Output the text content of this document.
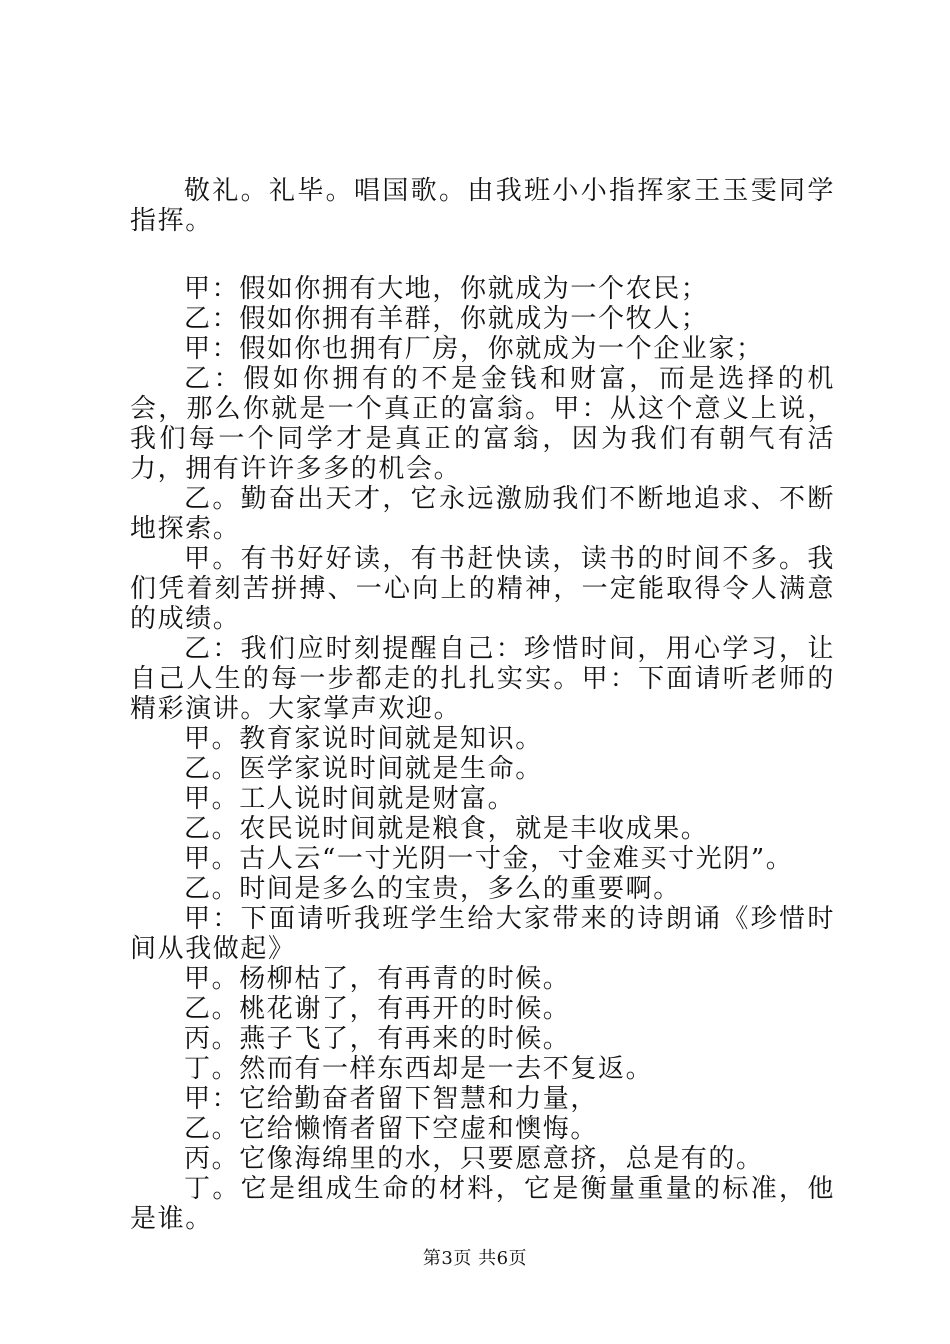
敬礼。礼毕。唱国歌。由我班小小指挥家王玉雯同学指挥。

甲：假如你拥有大地，你就成为一个农民；

乙：假如你拥有羊群，你就成为一个牧人；

甲：假如你也拥有厂房，你就成为一个企业家；

乙：假如你拥有的不是金钱和财富，而是选择的机会，那么你就是一个真正的富翁。甲：从这个意义上说，我们每一个同学才是真正的富翁，因为我们有朝气有活力，拥有许许多多的机会。

乙。勤奋出天才，它永远激励我们不断地追求、不断地探索。

甲。有书好好读，有书赶快读，读书的时间不多。我们凭着刻苦拼搏、一心向上的精神，一定能取得令人满意的成绩。

乙：我们应时刻提醒自己：珍惜时间，用心学习，让自己人生的每一步都走的扎扎实实。甲：下面请听老师的精彩演讲。大家掌声欢迎。

甲。教育家说时间就是知识。

乙。医学家说时间就是生命。

甲。工人说时间就是财富。

乙。农民说时间就是粮食，就是丰收成果。

甲。古人云“一寸光阴一寸金，寸金难买寸光阴”。

乙。时间是多么的宝贵，多么的重要啊。

甲：下面请听我班学生给大家带来的诗朗诵《珍惜时间从我做起》

甲。杨柳枯了，有再青的时候。

乙。桃花谢了，有再开的时候。

丙。燕子飞了，有再来的时候。

丁。然而有一样东西却是一去不复返。

甲：它给勤奋者留下智慧和力量，

乙。它给懒惰者留下空虚和懊悔。

丙。它像海绵里的水，只要愿意挤，总是有的。

丁。它是组成生命的材料，它是衡量重量的标准，他是谁。

第3页 共6页
